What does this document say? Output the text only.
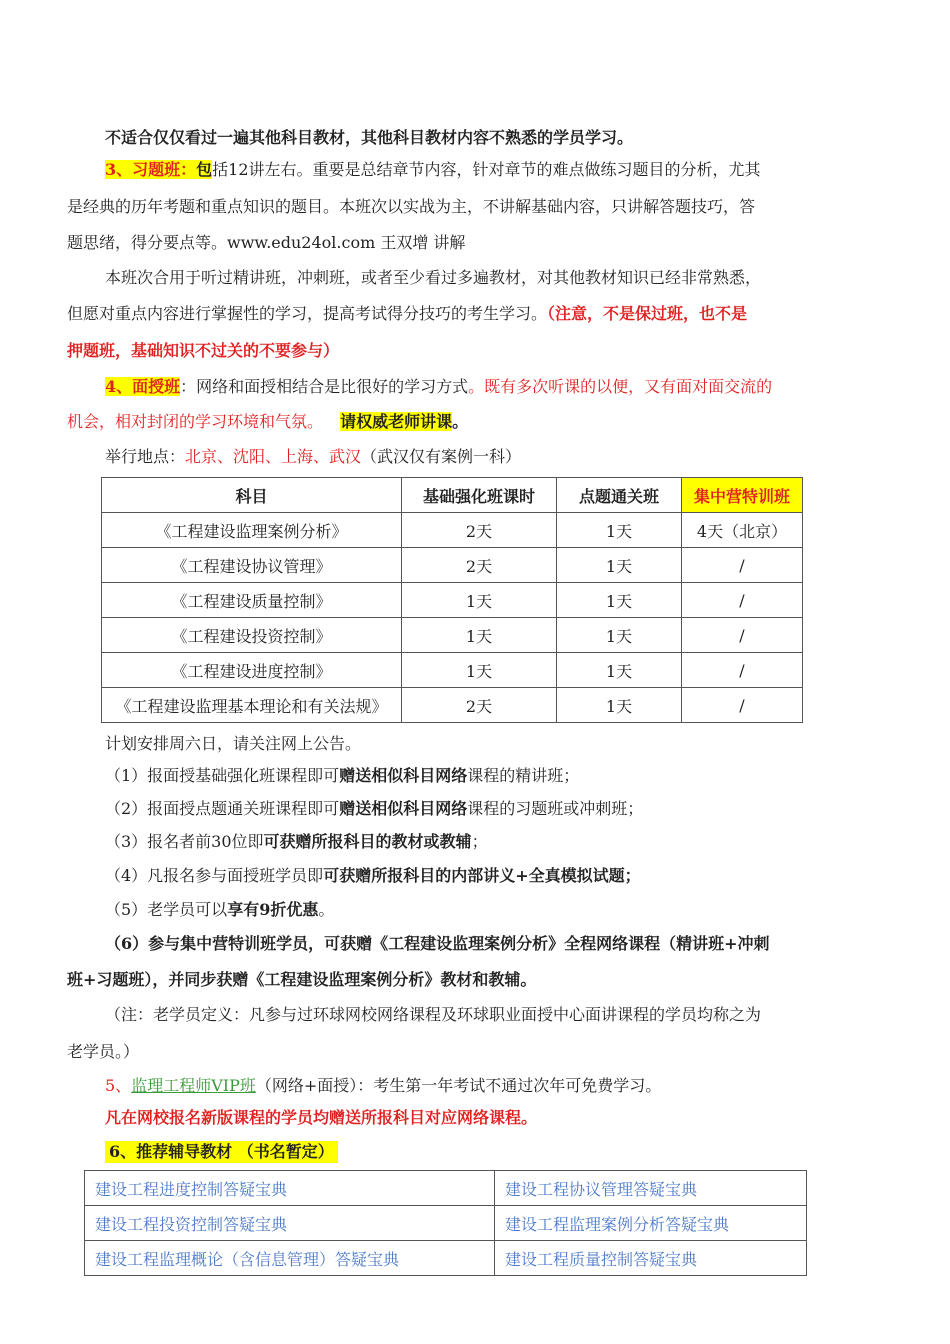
不适合仅仅看过一遍其他科目教材，其他科目教材内容不熟悉的学员学习。
3、习题班：包括12讲左右。重要是总结章节内容，针对章节的难点做练习题目的分析，尤其
是经典的历年考题和重点知识的题目。本班次以实战为主，不讲解基础内容，只讲解答题技巧，答
题思绪，得分要点等。www.edu24ol.com 王双增 讲解
本班次合用于听过精讲班，冲刺班，或者至少看过多遍教材，对其他教材知识已经非常熟悉，
但愿对重点内容进行掌握性的学习，提高考试得分技巧的考生学习。（注意，不是保过班，也不是
押题班，基础知识不过关的不要参与）
4、面授班：网络和面授相结合是比很好的学习方式。既有多次听课的以便，又有面对面交流的
机会，相对封闭的学习环境和气氛。 请权威老师讲课。
举行地点：北京、沈阳、上海、武汉（武汉仅有案例一科）
科目	基础强化班课时	点题通关班	集中营特训班
《工程建设监理案例分析》	2天	1天	4天（北京）
《工程建设协议管理》	2天	1天	/
《工程建设质量控制》	1天	1天	/
《工程建设投资控制》	1天	1天	/
《工程建设进度控制》	1天	1天	/
《工程建设监理基本理论和有关法规》	2天	1天	/
计划安排周六日，请关注网上公告。
（1）报面授基础强化班课程即可赠送相似科目网络课程的精讲班；
（2）报面授点题通关班课程即可赠送相似科目网络课程的习题班或冲刺班；
（3）报名者前30位即可获赠所报科目的教材或教辅；
（4）凡报名参与面授班学员即可获赠所报科目的内部讲义+全真模拟试题；
（5）老学员可以享有9折优惠。
（6）参与集中营特训班学员，可获赠《工程建设监理案例分析》全程网络课程（精讲班+冲刺
班+习题班），并同步获赠《工程建设监理案例分析》教材和教辅。
（注：老学员定义：凡参与过环球网校网络课程及环球职业面授中心面讲课程的学员均称之为
老学员。）
5、监理工程师VIP班（网络+面授）：考生第一年考试不通过次年可免费学习。
凡在网校报名新版课程的学员均赠送所报科目对应网络课程。
6、推荐辅导教材 （书名暂定）
建设工程进度控制答疑宝典	建设工程协议管理答疑宝典
建设工程投资控制答疑宝典	建设工程监理案例分析答疑宝典
建设工程监理概论（含信息管理）答疑宝典	建设工程质量控制答疑宝典
